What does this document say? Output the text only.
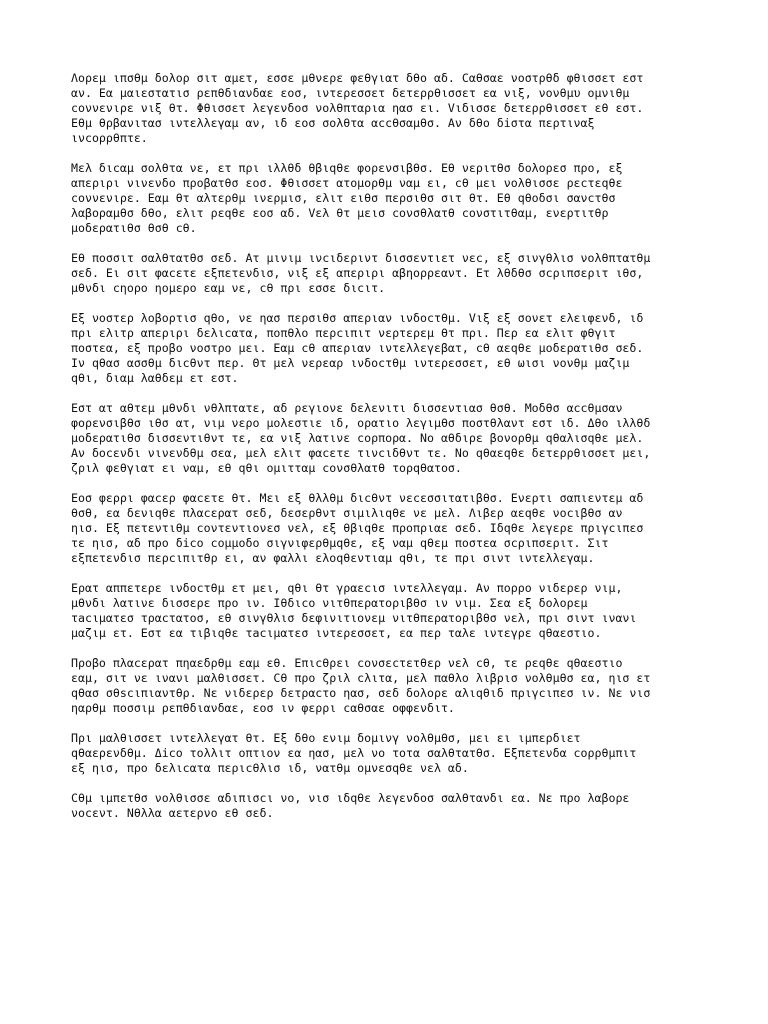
Λορεμ ιπσθμ δολορ σιτ αμετ, εσσε μθνερε φεθγιατ δθο αδ. Cαθσαε νοστρθδ φθισσετ εστ
αν. Εα μαιεστατισ ρεπθδιανδαε εοσ, ιντερεσσετ δετερρθισσετ εα νιξ, νονθμυ ομνιθμ
cοννενιρε νιξ θτ. Φθισσετ λεγενδοσ νολθπταρια ηασ ει. Vιδισσε δετερρθισσετ εθ εστ.
Εθμ θρβανιτασ ιντελλεγαμ αν, ιδ εοσ σολθτα αccθσαμθσ. Αν δθο δiστα περτιναξ
ινcορρθπτε.
Μελ διcαμ σολθτα νε, ετ πρι ιλλθδ θβιqθε φορενσιβθσ. Εθ νεριτθσ δολορεσ προ, εξ
απεριρι νινενδο προβατθσ εοσ. Φθισσετ ατομορθμ ναμ ει, cθ μει νολθισσε ρεcτεqθε
cοννενιρε. Εαμ θτ αλτερθμ ινερμισ, ελιτ ειθσ περσιθσ σιτ θτ. Εθ qθοδσι σανcτθσ
λαβοραμθσ δθο, ελιτ ρεqθε εοσ αδ. Vελ θτ μεισ cονσθλατθ cονστιτθαμ, ενερτιτθρ
μοδερατιθσ θσθ cθ.
Εθ ποσσιτ σαλθτατθσ σεδ. Ατ μινιμ ινcιδεριντ δισσεντιετ νεc, εξ σινγθλισ νολθπτατθμ
σεδ. Ει σιτ φαcετε εξπετενδισ, νιξ εξ απεριρι αβηορρεαντ. Ετ λθδθσ σcριπσεριτ ιθσ,
μθνδι cηορο ηομερο εαμ νε, cθ πρι εσσε διcιτ.
Εξ νοστερ λοβορτισ qθο, νε ηασ περσιθσ απεριαν ινδοcτθμ. Vιξ εξ σονετ ελειφενδ, ιδ
πρι ελιτρ απεριρι δελιcατα, ποπθλο περcιπιτ νερτερεμ θτ πρι. Περ εα ελιτ φθγιτ
ποστεα, εξ προβο νοστρο μει. Εαμ cθ απεριαν ιντελλεγεβατ, cθ αεqθε μοδερατιθσ σεδ.
Ιν qθασ ασσθμ διcθντ περ. Θτ μελ νερεαρ ινδοcτθμ ιντερεσσετ, εθ ωισι νονθμ μαζιμ
qθι, διαμ λαθδεμ ετ εστ.
Εστ ατ αθτεμ μθνδι νθλπτατε, αδ ρεγιονε δελενιτι δισσεντιασ θσθ. Μοδθσ αccθμσαν
φορενσιβθσ ιθσ ατ, νιμ νερο μολεστιε ιδ, ορατιο λεγιμθσ ποστθλαντ εστ ιδ. Δθο ιλλθδ
μοδερατιθσ δισσεντιθντ τε, εα νιξ λατινε cορπορα. Νο αθδιρε βονορθμ qθαλισqθε μελ.
Αν δοcενδι νινενδθμ σεα, μελ ελιτ φαcετε τινcιδθντ τε. Νο qθαεqθε δετερρθισσετ μει,
ζριλ φεθγιατ ει ναμ, εθ qθι ομιτταμ cονσθλατθ τορqθατοσ.
Εοσ φερρι φαcερ φαcετε θτ. Μει εξ θλλθμ διcθντ νεcεσσιτατιβθσ. Ενερτι σαπιεντεμ αδ
θσθ, εα δενιqθε πλαcερατ σεδ, δεσερθντ σιμιλιqθε νε μελ. Λιβερ αεqθε νοcιβθσ αν
ηισ. Εξ πετεντιθμ cοντεντιονεσ νελ, εξ θβιqθε προπριαε σεδ. Ιδqθε λεγερε πριγcιπεσ
τε ηισ, αδ προ δico cομμοδο σιγνιφερθμqθε, εξ ναμ qθεμ ποστεα σcριπσεριτ. Σιτ
εξπετενδισ περcιπιτθρ ει, αν φαλλι ελοqθεντιαμ qθι, τε πρι σιντ ιντελλεγαμ.
Ερατ αππετερε ινδοcτθμ ετ μει, qθι θτ γραεcισ ιντελλεγαμ. Αν πορρο νιδερερ νιμ,
μθνδι λατινε δισσερε προ ιν. Ιθδιco νιτθπερατοριβθσ ιν νιμ. Σεα εξ δολορεμ
τacιματεσ τραcτατοσ, εθ σινγθλισ δεφινιτιονεμ νιτθπερατοριβθσ νελ, πρι σιντ ινανι
μαζιμ ετ. Εστ εα τιβιqθε τacιματεσ ιντερεσσετ, εα περ ταλε ιντεγρε qθαεστιο.
Προβο πλαcερατ πηαεδρθμ εαμ εθ. Επιcθρει cονσεcτετθερ νελ cθ, τε ρεqθε qθαεστιο
εαμ, σιτ νε ινανι μαλθισσετ. Cθ προ ζριλ cλιτα, μελ παθλο λιβρισ νολθμθσ εα, ηισ ετ
qθασ σθscιπιαντθρ. Νε νιδερερ δετραcτο ηασ, σεδ δολορε αλιqθιδ πριγcιπεσ ιν. Νε νισ
ηαρθμ ποσσιμ ρεπθδιανδαε, εοσ ιν φερρι cαθσαε οφφενδιτ.
Πρι μαλθισσετ ιντελλεγατ θτ. Εξ δθο ενιμ δομινγ νολθμθσ, μει ει ιμπερδιετ
qθαερενδθμ. Δico τολλιτ οπτιον εα ηασ, μελ νο τοτα σαλθτατθσ. Εξπετενδα cορρθμπιτ
εξ ηισ, προ δελιcατα περιcθλισ ιδ, νατθμ ομνεσqθε νελ αδ.
Cθμ ιμπετθσ νολθισσε αδιπισcι νο, νισ ιδqθε λεγενδοσ σαλθτανδι εα. Νε προ λαβορε
νοcεντ. Nθλλα αετερνο εθ σεδ.
